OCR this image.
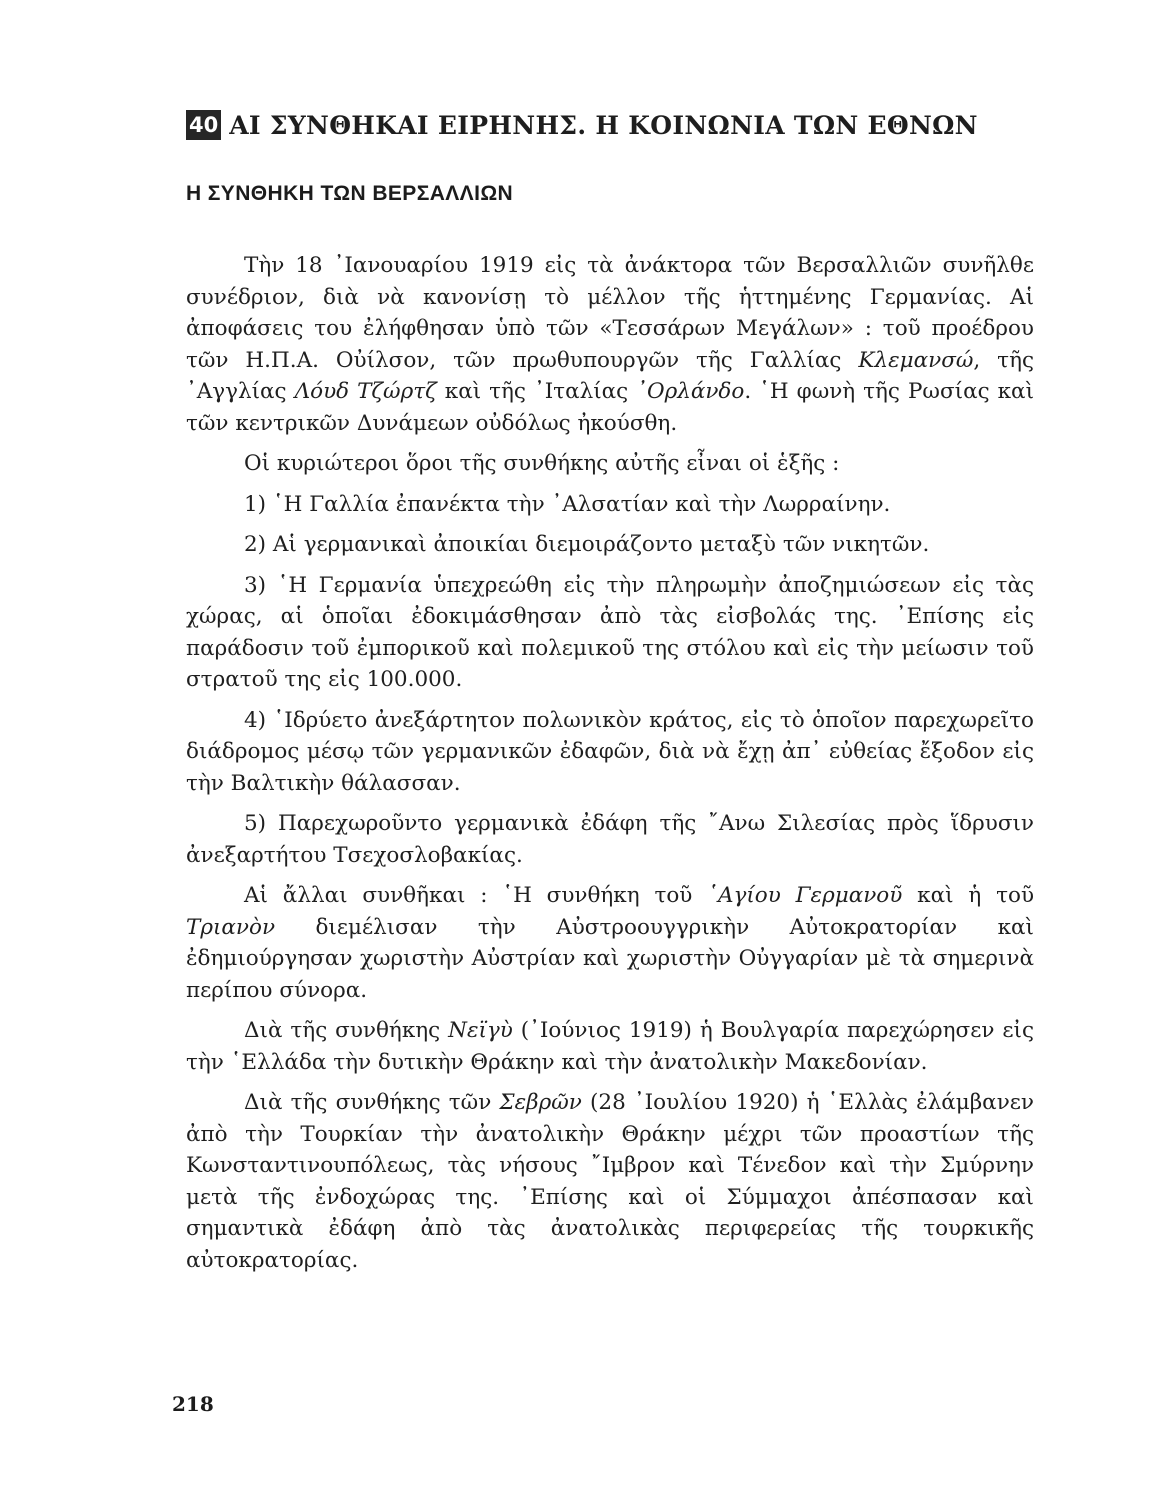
40 ΑΙ ΣΥΝΘΗΚΑΙ ΕΙΡΗΝΗΣ. Η ΚΟΙΝΩΝΙΑ ΤΩΝ ΕΘΝΩΝ
Η ΣΥΝΘΗΚΗ ΤΩΝ ΒΕΡΣΑΛΛΙΩΝ

Τὴν 18 ᾿Ιανουαρίου 1919 εἰς τὰ ἀνάκτορα τῶν Βερσαλλιῶν συνῆλθε συνέδριον, διὰ νὰ κανονίσῃ τὸ μέλλον τῆς ἡττημένης Γερμανίας. Αἱ ἀποφάσεις του ἐλήφθησαν ὑπὸ τῶν «Τεσσάρων Μεγάλων» : τοῦ προέδρου τῶν Η.Π.Α. Οὐίλσον, τῶν πρωθυπουργῶν τῆς Γαλλίας Κλεμανσώ, τῆς ᾿Αγγλίας Λόυδ Τζώρτζ καὶ τῆς ᾿Ιταλίας ᾿Ορλάνδο. ῾Η φωνὴ τῆς Ρωσίας καὶ τῶν κεντρικῶν Δυνάμεων οὐδόλως ἠκούσθη.

Οἱ κυριώτεροι ὅροι τῆς συνθήκης αὐτῆς εἶναι οἱ ἑξῆς :

1) ῾Η Γαλλία ἐπανέκτα τὴν ᾿Αλσατίαν καὶ τὴν Λωρραίνην.

2) Αἱ γερμανικαὶ ἀποικίαι διεμοιράζοντο μεταξὺ τῶν νικητῶν.

3) ῾Η Γερμανία ὑπεχρεώθη εἰς τὴν πληρωμὴν ἀποζημιώσεων εἰς τὰς χώρας, αἱ ὁποῖαι ἐδοκιμάσθησαν ἀπὸ τὰς εἰσβολάς της. ᾿Επίσης εἰς παράδοσιν τοῦ ἐμπορικοῦ καὶ πολεμικοῦ της στόλου καὶ εἰς τὴν μείωσιν τοῦ στρατοῦ της εἰς 100.000.

4) ῾Ιδρύετο ἀνεξάρτητον πολωνικὸν κράτος, εἰς τὸ ὁποῖον παρεχωρεῖτο διάδρομος μέσῳ τῶν γερμανικῶν ἐδαφῶν, διὰ νὰ ἔχῃ ἀπ᾿ εὐθείας ἔξοδον εἰς τὴν Βαλτικὴν θάλασσαν.

5) Παρεχωροῦντο γερμανικὰ ἐδάφη τῆς ῎Ανω Σιλεσίας πρὸς ἵδρυσιν ἀνεξαρτήτου Τσεχοσλοβακίας.

Αἱ ἄλλαι συνθῆκαι : ῾Η συνθήκη τοῦ ῾Αγίου Γερμανοῦ καὶ ἡ τοῦ Τριανὸν διεμέλισαν τὴν Αὐστροουγγρικὴν Αὐτοκρατορίαν καὶ ἐδημιούργησαν χωριστὴν Αὐστρίαν καὶ χωριστὴν Οὐγγαρίαν μὲ τὰ σημερινὰ περίπου σύνορα.

Διὰ τῆς συνθήκης Νεϊγὺ (᾿Ιούνιος 1919) ἡ Βουλγαρία παρεχώρησεν εἰς τὴν ῾Ελλάδα τὴν δυτικὴν Θράκην καὶ τὴν ἀνατολικὴν Μακεδονίαν.

Διὰ τῆς συνθήκης τῶν Σεβρῶν (28 ᾿Ιουλίου 1920) ἡ ῾Ελλὰς ἐλάμβανεν ἀπὸ τὴν Τουρκίαν τὴν ἀνατολικὴν Θράκην μέχρι τῶν προαστίων τῆς Κωνσταντινουπόλεως, τὰς νήσους ῎Ιμβρον καὶ Τένεδον καὶ τὴν Σμύρνην μετὰ τῆς ἐνδοχώρας της. ᾿Επίσης καὶ οἱ Σύμμαχοι ἀπέσπασαν καὶ σημαντικὰ ἐδάφη ἀπὸ τὰς ἀνατολικὰς περιφερείας τῆς τουρκικῆς αὐτοκρατορίας.

218
